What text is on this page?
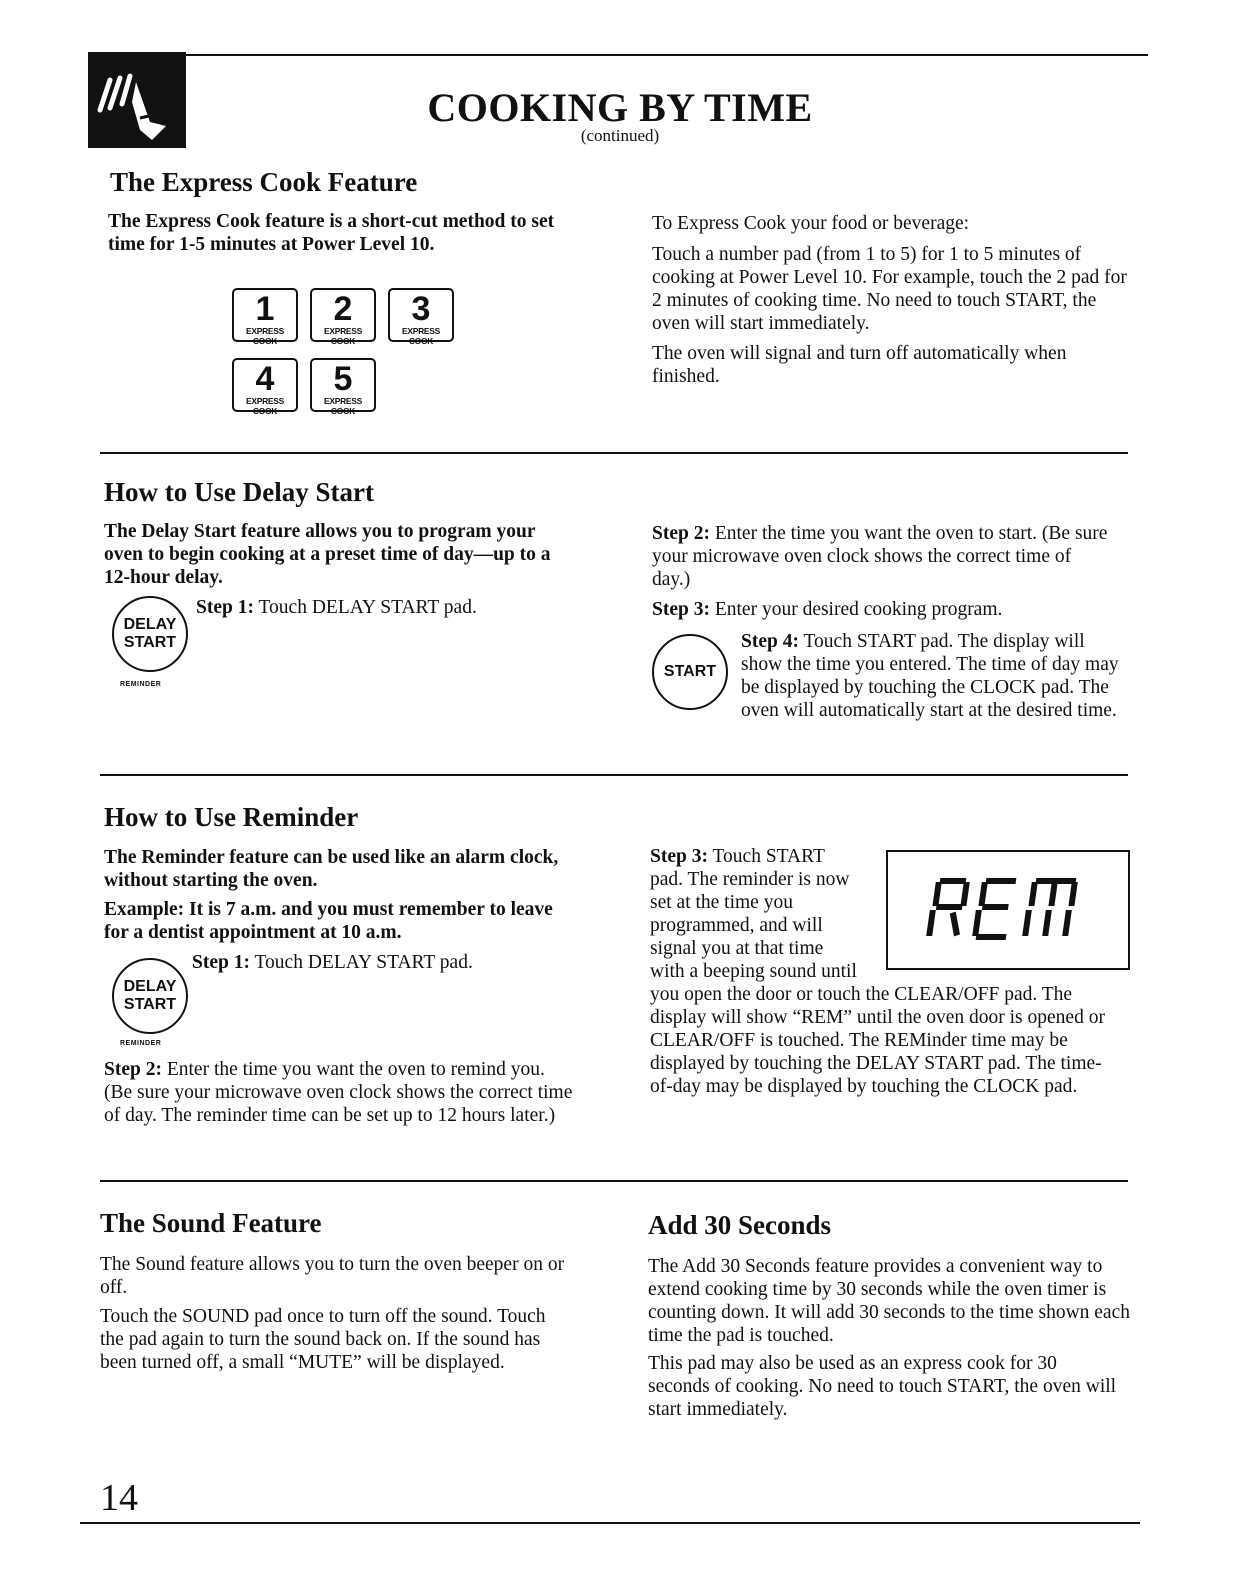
COOKING BY TIME
(continued)
The Express Cook Feature

The Express Cook feature is a short-cut method to set time for 1-5 minutes at Power Level 10.

1
EXPRESS COOK
2
EXPRESS COOK
3
EXPRESS COOK
4
EXPRESS COOK
5
EXPRESS COOK

To Express Cook your food or beverage:

Touch a number pad (from 1 to 5) for 1 to 5 minutes of cooking at Power Level 10. For example, touch the 2 pad for 2 minutes of cooking time. No need to touch START, the oven will start immediately.

The oven will signal and turn off automatically when finished.

How to Use Delay Start

The Delay Start feature allows you to program your oven to begin cooking at a preset time of day—up to a 12-hour delay.

DELAY
START
REMINDER

Step 1: Touch DELAY START pad.

Step 2: Enter the time you want the oven to start. (Be sure your microwave oven clock shows the correct time of day.)

Step 3: Enter your desired cooking program.

START

Step 4: Touch START pad. The display will show the time you entered. The time of day may be displayed by touching the CLOCK pad. The oven will automatically start at the desired time.

How to Use Reminder

The Reminder feature can be used like an alarm clock, without starting the oven.

Example: It is 7 a.m. and you must remember to leave for a dentist appointment at 10 a.m.

DELAY
START
REMINDER

Step 1: Touch DELAY START pad.

Step 2: Enter the time you want the oven to remind you. (Be sure your microwave oven clock shows the correct time of day. The reminder time can be set up to 12 hours later.)

Step 3: Touch START
pad. The reminder is now
set at the time you
programmed, and will
signal you at that time
with a beeping sound until

you open the door or touch the CLEAR/OFF pad. The display will show “REM” until the oven door is opened or CLEAR/OFF is touched. The REMinder time may be displayed by touching the DELAY START pad. The time-of-day may be displayed by touching the CLOCK pad.

The Sound Feature

The Sound feature allows you to turn the oven beeper on or off.

Touch the SOUND pad once to turn off the sound. Touch the pad again to turn the sound back on. If the sound has been turned off, a small “MUTE” will be displayed.

Add 30 Seconds

The Add 30 Seconds feature provides a convenient way to extend cooking time by 30 seconds while the oven timer is counting down. It will add 30 seconds to the time shown each time the pad is touched.

This pad may also be used as an express cook for 30 seconds of cooking. No need to touch START, the oven will start immediately.

14
